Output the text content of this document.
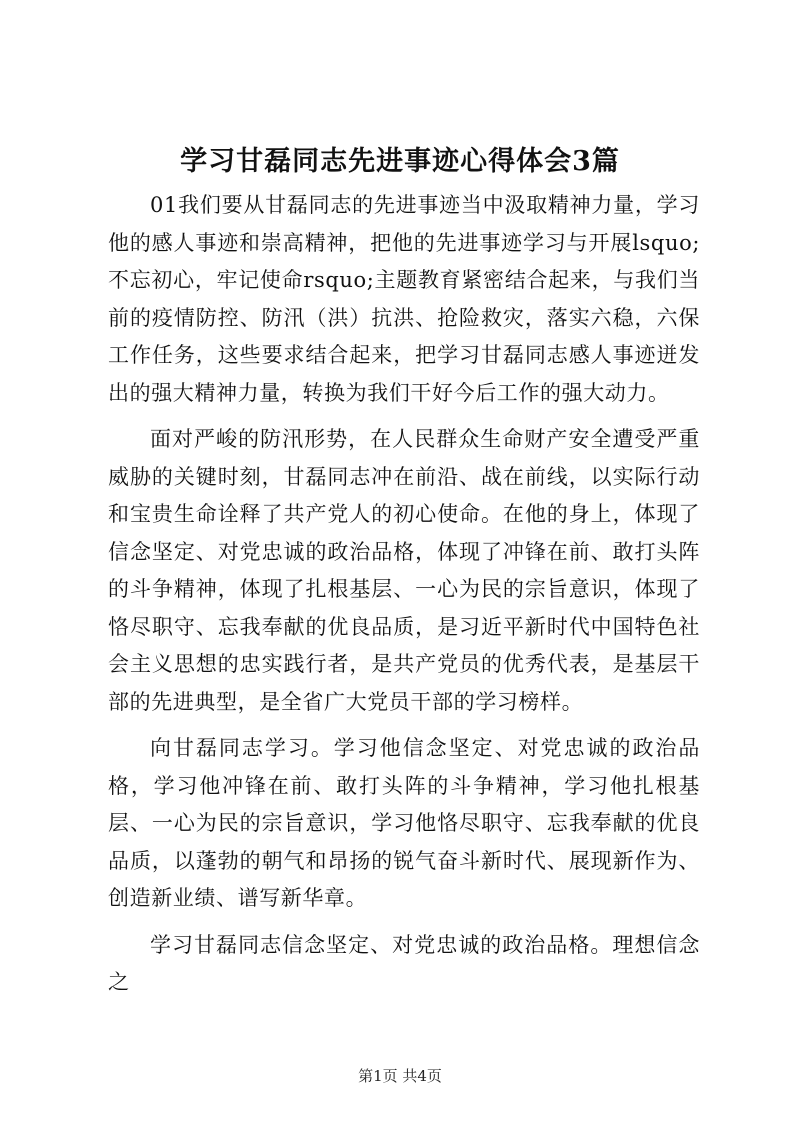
学习甘磊同志先进事迹心得体会3篇

01我们要从甘磊同志的先进事迹当中汲取精神力量，学习他的感人事迹和崇高精神，把他的先进事迹学习与开展lsquo;不忘初心，牢记使命rsquo;主题教育紧密结合起来，与我们当前的疫情防控、防汛（洪）抗洪、抢险救灾，落实六稳，六保工作任务，这些要求结合起来，把学习甘磊同志感人事迹迸发出的强大精神力量，转换为我们干好今后工作的强大动力。

面对严峻的防汛形势，在人民群众生命财产安全遭受严重威胁的关键时刻，甘磊同志冲在前沿、战在前线，以实际行动和宝贵生命诠释了共产党人的初心使命。在他的身上，体现了信念坚定、对党忠诚的政治品格，体现了冲锋在前、敢打头阵的斗争精神，体现了扎根基层、一心为民的宗旨意识，体现了恪尽职守、忘我奉献的优良品质，是习近平新时代中国特色社会主义思想的忠实践行者，是共产党员的优秀代表，是基层干部的先进典型，是全省广大党员干部的学习榜样。

向甘磊同志学习。学习他信念坚定、对党忠诚的政治品格，学习他冲锋在前、敢打头阵的斗争精神，学习他扎根基层、一心为民的宗旨意识，学习他恪尽职守、忘我奉献的优良品质，以蓬勃的朝气和昂扬的锐气奋斗新时代、展现新作为、创造新业绩、谱写新华章。

学习甘磊同志信念坚定、对党忠诚的政治品格。理想信念之

第1页 共4页
